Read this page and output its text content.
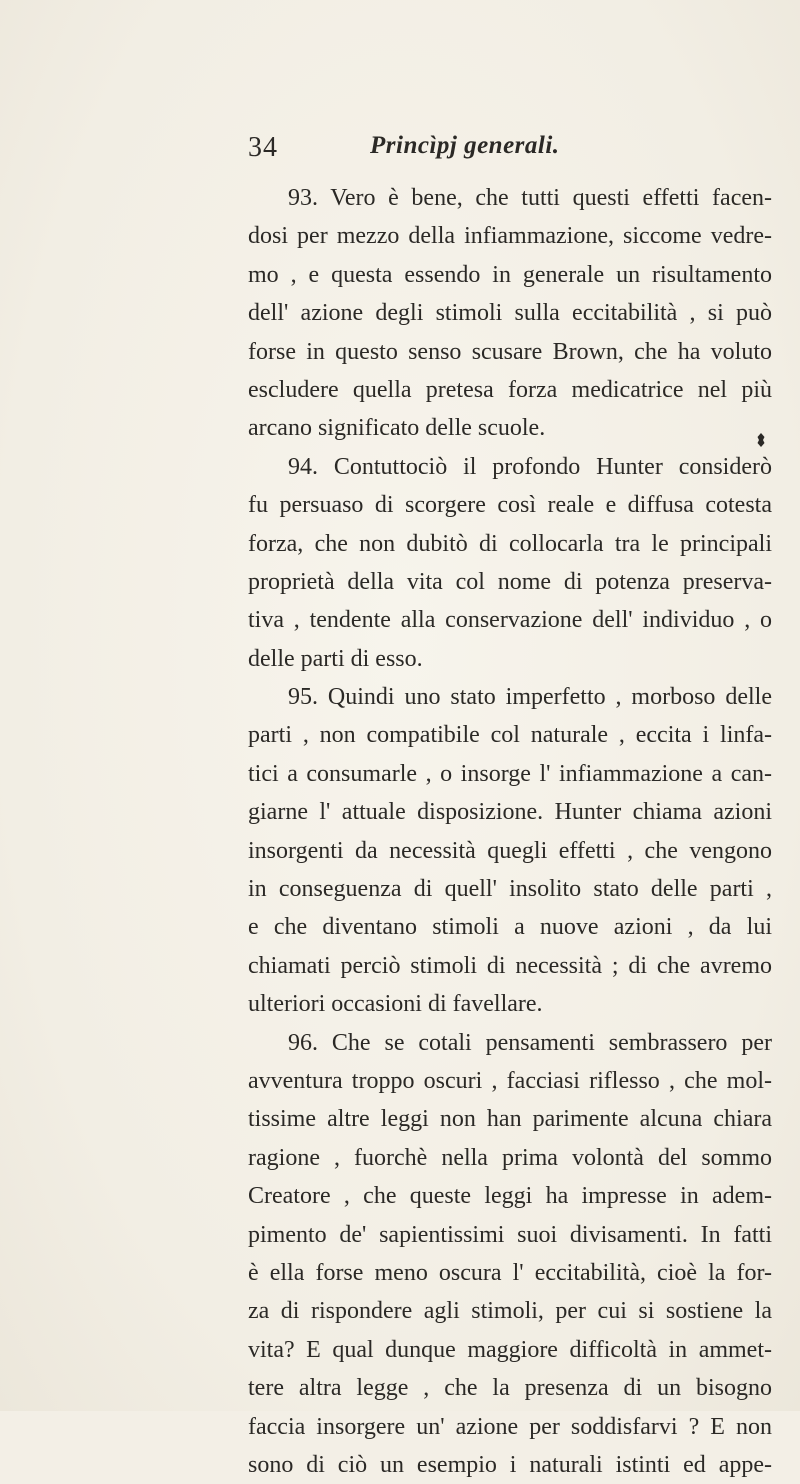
34	Princìpj generali.
93. Vero è bene, che tutti questi effetti facen-
dosi per mezzo della infiammazione, siccome vedre-
mo , e questa essendo in generale un risultamento
dell' azione degli stimoli sulla eccitabilità , si può
forse in questo senso scusare Brown, che ha voluto
escludere quella pretesa forza medicatrice nel più
arcano significato delle scuole.
94. Contuttociò il profondo Hunter considerò
fu persuaso di scorgere così reale e diffusa cotesta
forza, che non dubitò di collocarla tra le principali
proprietà della vita col nome di potenza preserva-
tiva , tendente alla conservazione dell' individuo , o
delle parti di esso.
95. Quindi uno stato imperfetto , morboso delle
parti , non compatibile col naturale , eccita i linfa-
tici a consumarle , o insorge l' infiammazione a can-
giarne l' attuale disposizione. Hunter chiama azioni
insorgenti da necessità quegli effetti , che vengono
in conseguenza di quell' insolito stato delle parti ,
e che diventano stimoli a nuove azioni , da lui
chiamati perciò stimoli di necessità ; di che avremo
ulteriori occasioni di favellare.
96. Che se cotali pensamenti sembrassero per
avventura troppo oscuri , facciasi riflesso , che mol-
tissime altre leggi non han parimente alcuna chiara
ragione , fuorchè nella prima volontà del sommo
Creatore , che queste leggi ha impresse in adem-
pimento de' sapientissimi suoi divisamenti. In fatti
è ella forse meno oscura l' eccitabilità, cioè la for-
za di rispondere agli stimoli, per cui si sostiene la
vita? E qual dunque maggiore difficoltà in ammet-
tere altra legge , che la presenza di un bisogno
faccia insorgere un' azione per soddisfarvi ? E non
sono di ciò un esempio i naturali istinti ed appe-
